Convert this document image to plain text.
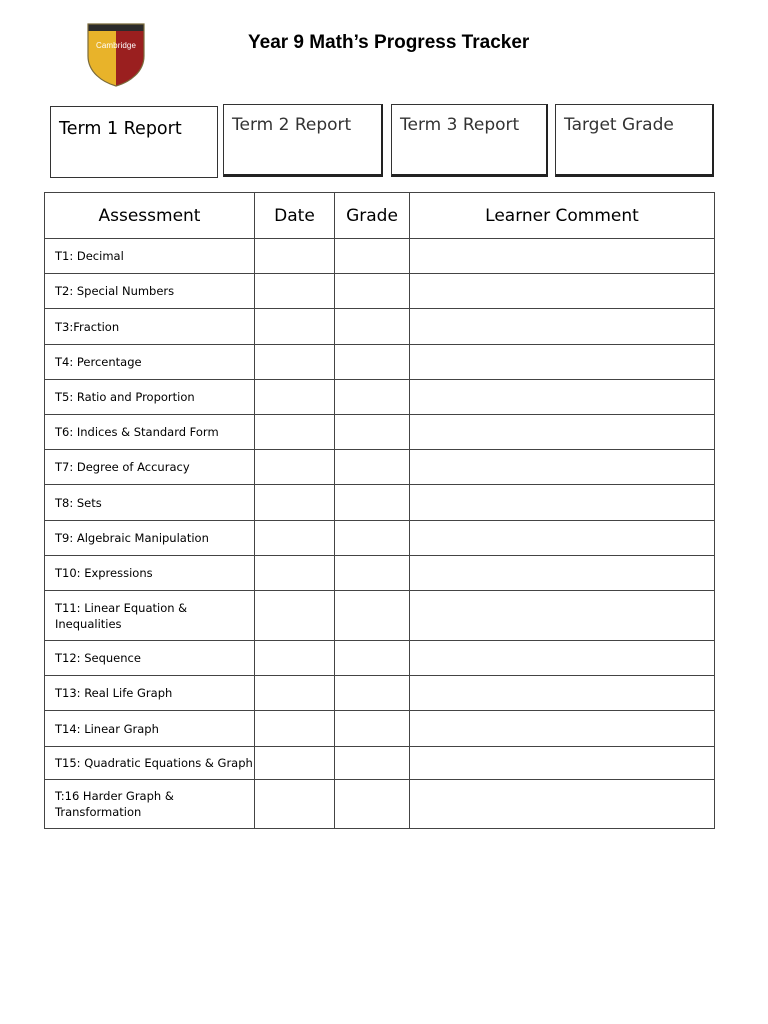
Cambridge	Year 9 Math’s Progress Tracker
Term 1 Report	Term 2 Report	Term 3 Report	Target Grade
Assessment	Date	Grade	Learner Comment
T1: Decimal			
T2: Special Numbers			
T3:Fraction			
T4: Percentage			
T5: Ratio and Proportion			
T6: Indices & Standard Form			
T7: Degree of Accuracy			
T8: Sets			
T9: Algebraic Manipulation			
T10: Expressions			
T11: Linear Equation & Inequalities			
T12: Sequence			
T13: Real Life Graph			
T14: Linear Graph			
T15: Quadratic Equations & Graph			
T:16 Harder Graph & Transformation			
